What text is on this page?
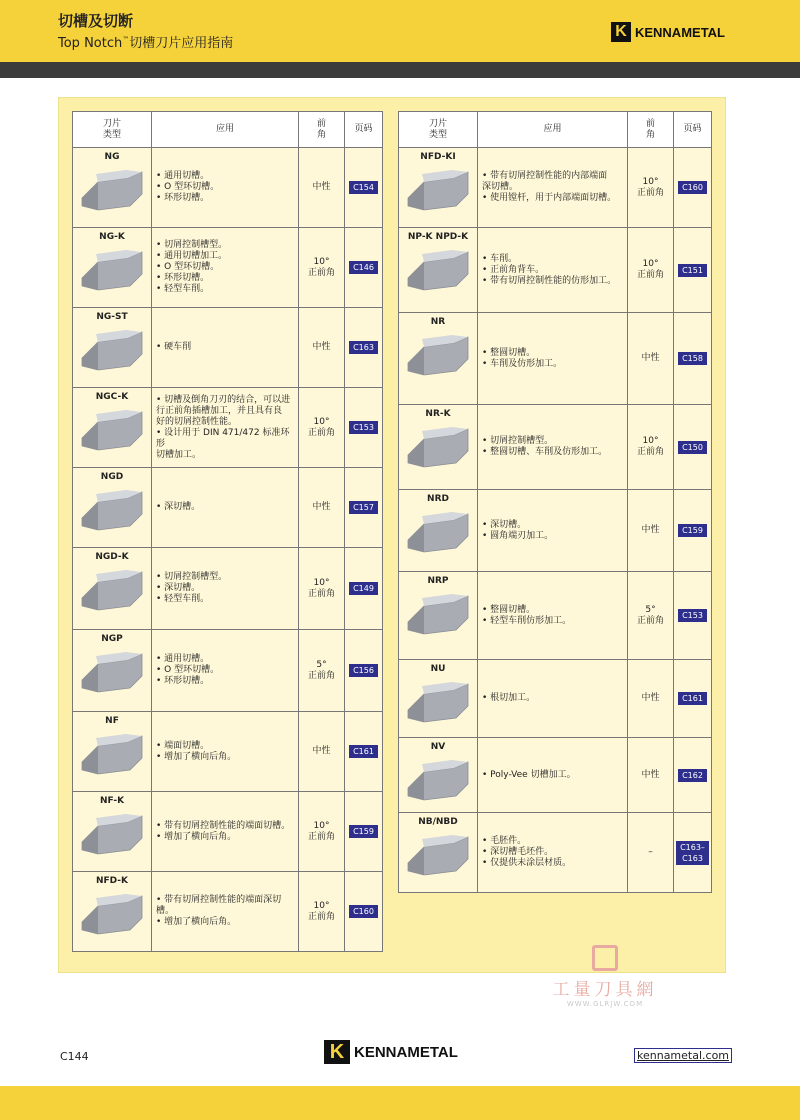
切槽及切断
Top Notch™切槽刀片应用指南
K KENNAMETAL
刀片
类型	应用	前
角	页码

NG	• 通用切槽。
• O 型环切槽。
• 环形切槽。	中性	C154

NG-K	• 切屑控制槽型。
• 通用切槽加工。
• O 型环切槽。
• 环形切槽。
• 轻型车削。	10°
正前角	C146

NG-ST	• 硬车削	中性	C163

NGC-K	• 切槽及倒角刀刃的结合，可以进
行正前角插槽加工，并且具有良
好的切屑控制性能。
• 设计用于 DIN 471/472 标准环形
切槽加工。	10°
正前角	C153

NGD	• 深切槽。	中性	C157

NGD-K	• 切屑控制槽型。
• 深切槽。
• 轻型车削。	10°
正前角	C149

NGP	• 通用切槽。
• O 型环切槽。
• 环形切槽。	5°
正前角	C156

NF	• 端面切槽。
• 增加了横向后角。	中性	C161

NF-K	• 带有切屑控制性能的端面切槽。
• 增加了横向后角。	10°
正前角	C159

NFD-K	• 带有切屑控制性能的端面深切槽。
• 增加了横向后角。	10°
正前角	C160
刀片
类型	应用	前
角	页码

NFD-KI	• 带有切屑控制性能的内部端面
深切槽。
• 使用镗杆，用于内部端面切槽。	10°
正前角	C160

NP-K NPD-K	• 车削。
• 正前角背车。
• 带有切屑控制性能的仿形加工。	10°
正前角	C151

NR	• 整圆切槽。
• 车削及仿形加工。	中性	C158

NR-K	• 切屑控制槽型。
• 整圆切槽、车削及仿形加工。	10°
正前角	C150

NRD	• 深切槽。
• 圆角端刃加工。	中性	C159

NRP	• 整圆切槽。
• 轻型车削仿形加工。	5°
正前角	C153

NU	• 根切加工。	中性	C161

NV	• Poly-Vee 切槽加工。	中性	C162

NB/NBD	• 毛胚件。
• 深切槽毛坯件。
• 仅提供未涂层材质。	–	C163–
C163
工量刀具網
WWW.GLRJW.COM
C144	K KENNAMETAL	kennametal.com
